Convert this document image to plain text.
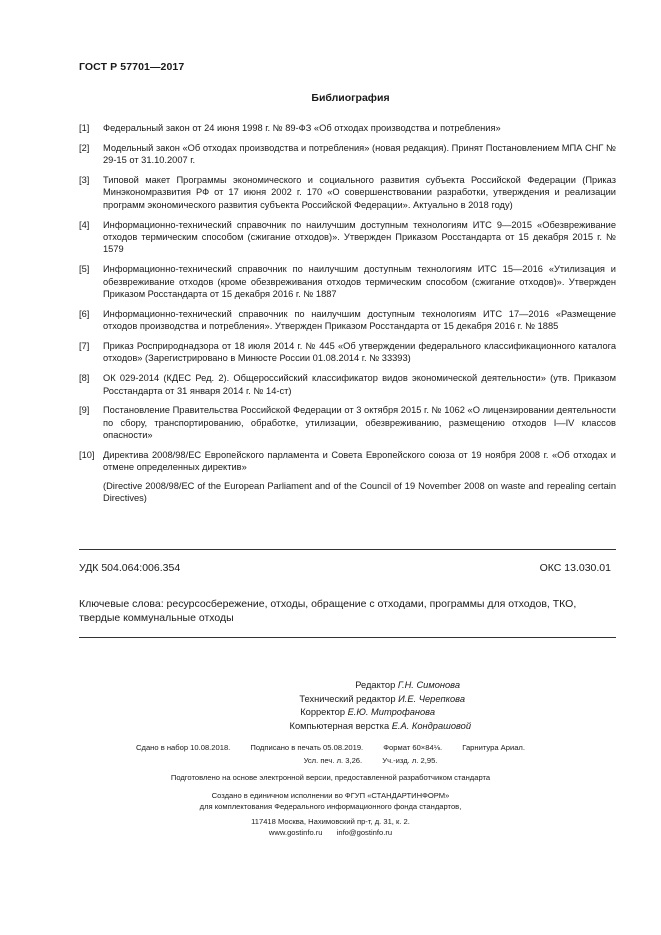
ГОСТ Р 57701—2017
Библиография
[1]	Федеральный закон от 24 июня 1998 г. № 89-ФЗ «Об отходах производства и потребления»
[2]	Модельный закон «Об отходах производства и потребления» (новая редакция). Принят Постановлением МПА СНГ № 29-15 от 31.10.2007 г.
[3]	Типовой макет Программы экономического и социального развития субъекта Российской Федерации (Приказ Минэкономразвития РФ от 17 июня 2002 г. 170 «О совершенствовании разработки, утверждения и реализации программ экономического развития субъекта Российской Федерации». Актуально в 2018 году)
[4]	Информационно-технический справочник по наилучшим доступным технологиям ИТС 9—2015 «Обезвреживание отходов термическим способом (сжигание отходов)». Утвержден Приказом Росстандарта от 15 декабря 2015 г. № 1579
[5]	Информационно-технический справочник по наилучшим доступным технологиям ИТС 15—2016 «Утилизация и обезвреживание отходов (кроме обезвреживания отходов термическим способом (сжигание отходов)». Утвержден Приказом Росстандарта от 15 декабря 2016 г. № 1887
[6]	Информационно-технический справочник по наилучшим доступным технологиям ИТС 17—2016 «Размещение отходов производства и потребления». Утвержден Приказом Росстандарта от 15 декабря 2016 г. № 1885
[7]	Приказ Росприроднадзора от 18 июля 2014 г. № 445 «Об утверждении федерального классификационного каталога отходов» (Зарегистрировано в Минюсте России 01.08.2014 г. № 33393)
[8]	ОК 029-2014 (КДЕС Ред. 2). Общероссийский классификатор видов экономической деятельности» (утв. Приказом Росстандарта от 31 января 2014 г. № 14-ст)
[9]	Постановление Правительства Российской Федерации от 3 октября 2015 г. № 1062 «О лицензировании деятельности по сбору, транспортированию, обработке, утилизации, обезвреживанию, размещению отходов I—IV классов опасности»
[10] Директива 2008/98/ЕС Европейского парламента и Совета Европейского союза от 19 ноября 2008 г. «Об отходах и отмене определенных директив»
(Directive 2008/98/EC of the European Parliament and of the Council of 19 November 2008 on waste and repealing certain Directives)
УДК 504.064:006.354	ОКС 13.030.01
Ключевые слова: ресурсосбережение, отходы, обращение с отходами, программы для отходов, ТКО, твердые коммунальные отходы
Редактор Г.Н. Симонова
Технический редактор И.Е. Черепкова
Корректор Е.Ю. Митрофанова
Компьютерная верстка Е.А. Кондрашовой
Сдано в набор 10.08.2018.	Подписано в печать 05.08.2019.	Формат 60×84⅛.	Гарнитура Ариал.
Усл. печ. л. 3,26.	Уч.-изд. л. 2,95.
Подготовлено на основе электронной версии, предоставленной разработчиком стандарта
Создано в единичном исполнении во ФГУП «СТАНДАРТИНФОРМ»
для комплектования Федерального информационного фонда стандартов,
117418 Москва, Нахимовский пр-т, д. 31, к. 2.
www.gostinfo.ru info@gostinfo.ru
